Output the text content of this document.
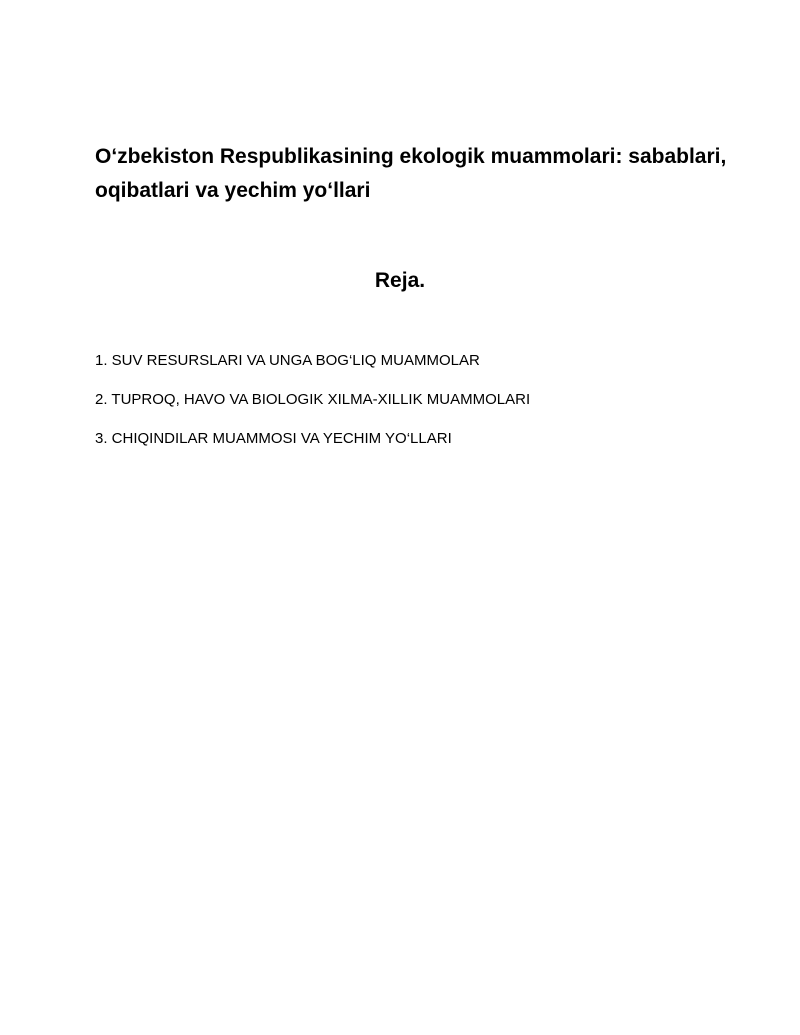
O‘zbekiston Respublikasining ekologik muammolari: sabablari, oqibatlari va yechim yo‘llari
Reja.
1. SUV RESURSLARI VA UNGA BOG‘LIQ MUAMMOLAR
2. TUPROQ, HAVO VA BIOLOGIK XILMA-XILLIK MUAMMOLARI
3. CHIQINDILAR MUAMMOSI VA YECHIM YO‘LLARI
